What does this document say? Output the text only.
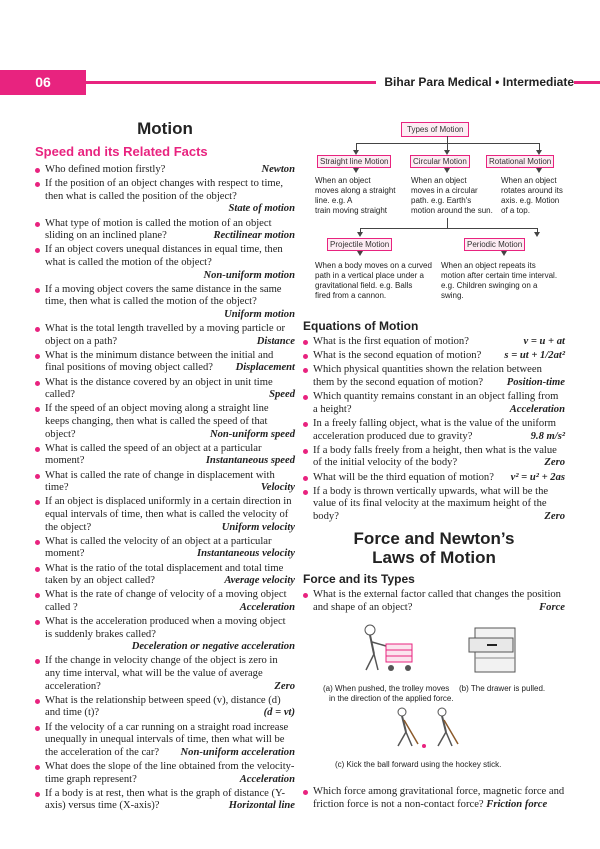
06	Bihar Para Medical • Intermediate
Motion
Speed and its Related Facts
Who defined motion firstly?	Newton
If the position of an object changes with respect to time, then what is called the position of the object?
State of motion
What type of motion is called the motion of an object sliding on an inclined plane?	Rectilinear motion
If an object covers unequal distances in equal time, then what is called the motion of the object?
Non-uniform motion
If a moving object covers the same distance in the same time, then what is called the motion of the object?
Uniform motion
What is the total length travelled by a moving particle or object on a path?	Distance
What is the minimum distance between the initial and final positions of moving object called? Displacement
What is the distance covered by an object in unit time called?	Speed
If the speed of an object moving along a straight line keeps changing, then what is called the speed of that object?	Non-uniform speed
What is called the speed of an object at a particular moment?	Instantaneous speed
What is called the rate of change in displacement with time?	Velocity
If an object is displaced uniformly in a certain direction in equal intervals of time, then what is called the velocity of the object?	Uniform velocity
What is called the velocity of an object at a particular moment?	Instantaneous velocity
What is the ratio of the total displacement and total time taken by an object called?	Average velocity
What is the rate of change of velocity of a moving object called ?	Acceleration
What is the acceleration produced when a moving object is suddenly brakes called?
Deceleration or negative acceleration
If the change in velocity change of the object is zero in any time interval, what will be the value of average acceleration?	Zero
What is the relationship between speed (v), distance (d) and time (t)?	(d = vt)
If the velocity of a car running on a straight road increase unequally in unequal intervals of time, then what will be the acceleration of the car? Non-uniform acceleration
What does the slope of the line obtained from the velocity-time graph represent?	Acceleration
If a body is at rest, then what is the graph of distance (Y-axis) versus time (X-axis)?	Horizontal line
Types of Motion
Straight line Motion	Circular Motion	Rotational Motion
When an object
moves along a straight
line. e.g. A
train moving straight
When an object
moves in a circular
path. e.g. Earth's
motion around the sun.
When an object
rotates around its
axis. e.g. Motion
of a top.
Projectile Motion	Periodic Motion
When a body moves on a curved
path in a vertical place under a
gravitational field. e.g. Balls
fired from a cannon.
When an object repeats its
motion after certain time interval.
e.g. Children swinging on a
swing.
Equations of Motion
What is the first equation of motion?	v = u + at
What is the second equation of motion? s = ut + 1/2at²
Which physical quantities shown the relation between them by the second equation of motion? Position-time
Which quantity remains constant in an object falling from a height?	Acceleration
In a freely falling object, what is the value of the uniform acceleration produced due to gravity?	9.8 m/s²
If a body falls freely from a height, then what is the value of the initial velocity of the body?	Zero
What will be the third equation of motion? v² = u² + 2as
If a body is thrown vertically upwards, what will be the value of its final velocity at the maximum height of the body?	Zero
Force and Newton’s
Laws of Motion
Force and its Types
What is the external factor called that changes the position and shape of an object?	Force
(a) When pushed, the trolley moves
in the direction of the applied force.
(b) The drawer is pulled.
(c) Kick the ball forward using the hockey stick.
Which force among gravitational force, magnetic force and friction force is not a non-contact force? Friction force
